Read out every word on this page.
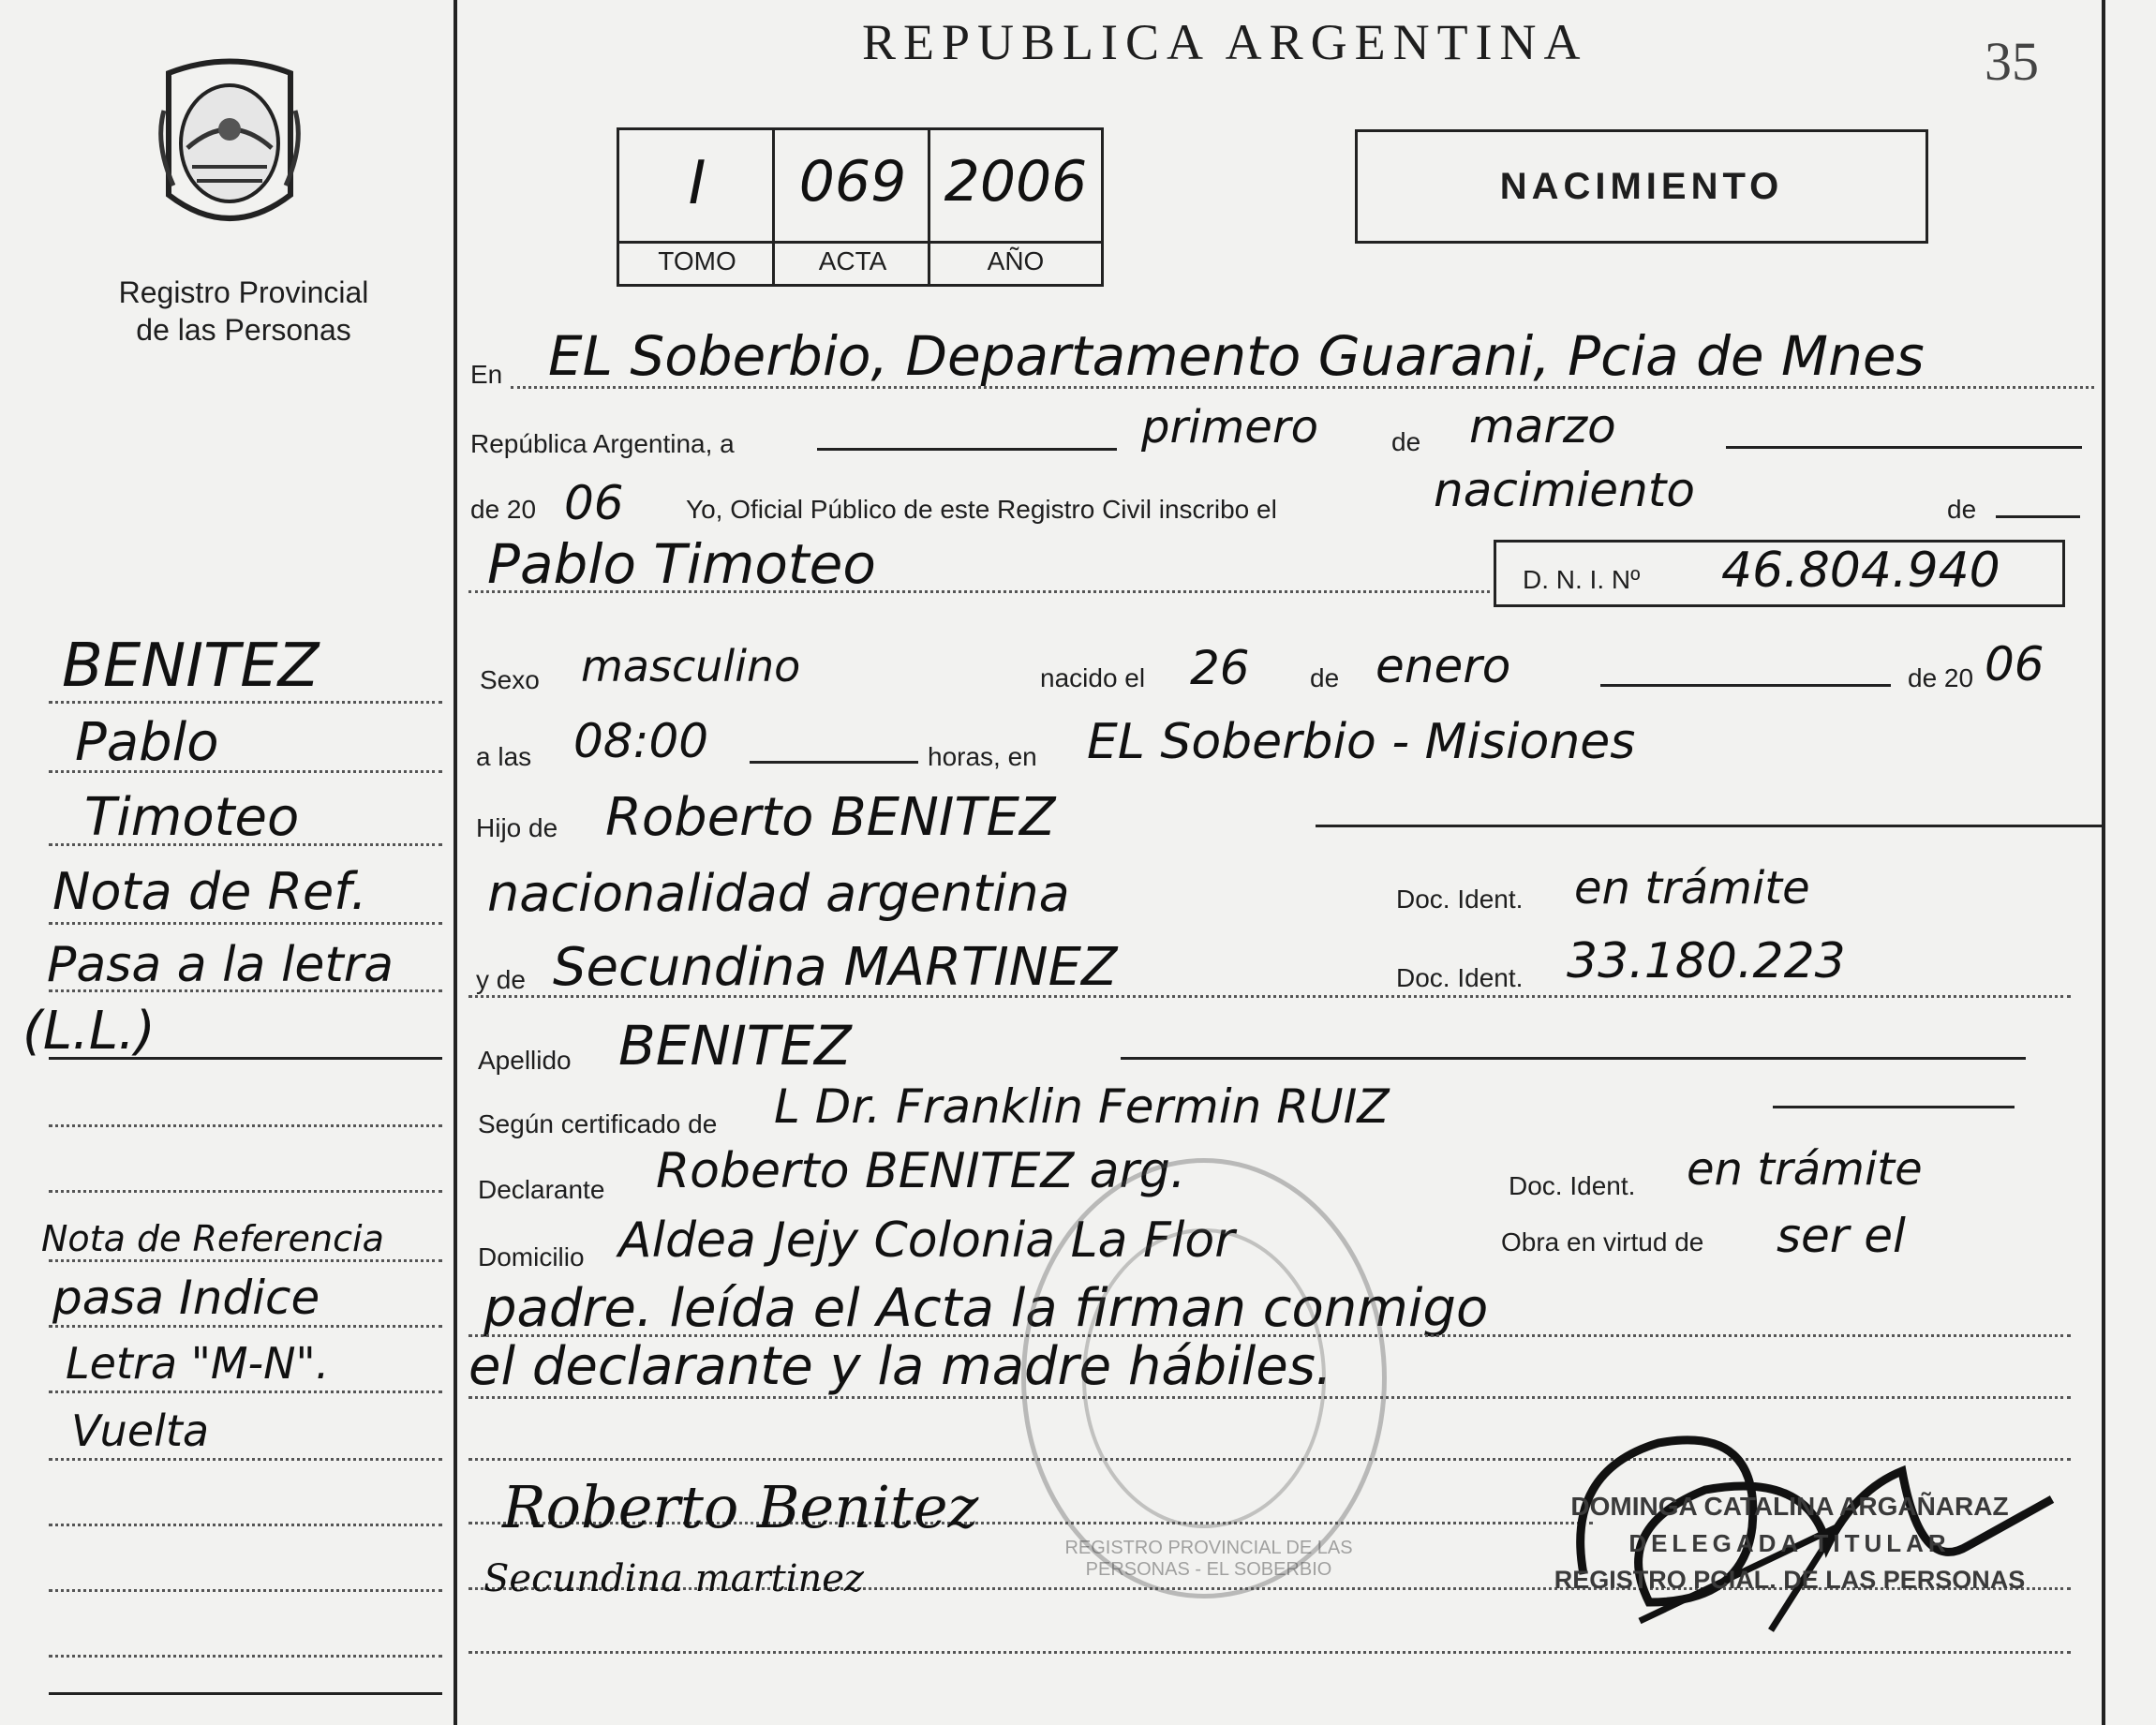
Registro Provincial
de las Personas
REPUBLICA ARGENTINA	35
I	069 2006
TOMO	ACTA	AÑO
NACIMIENTO
En EL Soberbio, Departamento Guarani, Pcia de Mnes
República Argentina, a	primero	de marzo
de 20 06 Yo, Oficial Público de este Registro Civil inscribo el	nacimiento	de
Pablo Timoteo	D. N. I. Nº 46.804.940
Sexo masculino	nacido el 26 de enero	de 20 06
a las 08:00	horas, en EL Soberbio - Misiones
Hijo de Roberto BENITEZ
nacionalidad argentina	Doc. Ident. en trámite
y de Secundina MARTINEZ	Doc. Ident. 33.180.223
Apellido BENITEZ
Según certificado de L Dr. Franklin Fermin RUIZ
Declarante Roberto BENITEZ arg.	Doc. Ident. en trámite
Domicilio Aldea Jejy Colonia La Flor	Obra en virtud de ser el
padre. leída el Acta la firman conmigo
el declarante y la madre hábiles.
Roberto Benitez
Secundina martinez
REGISTRO PROVINCIAL DE LAS PERSONAS - EL SOBERBIO
DOMINGA CATALINA ARGAÑARAZ
DELEGADA TITULAR
REGISTRO PCIAL. DE LAS PERSONAS
BENITEZ
Pablo
Timoteo
Nota de Ref.
Pasa a la letra
(L.L.)
Nota de Referencia
pasa Indice
Letra "M-N".
Vuelta
